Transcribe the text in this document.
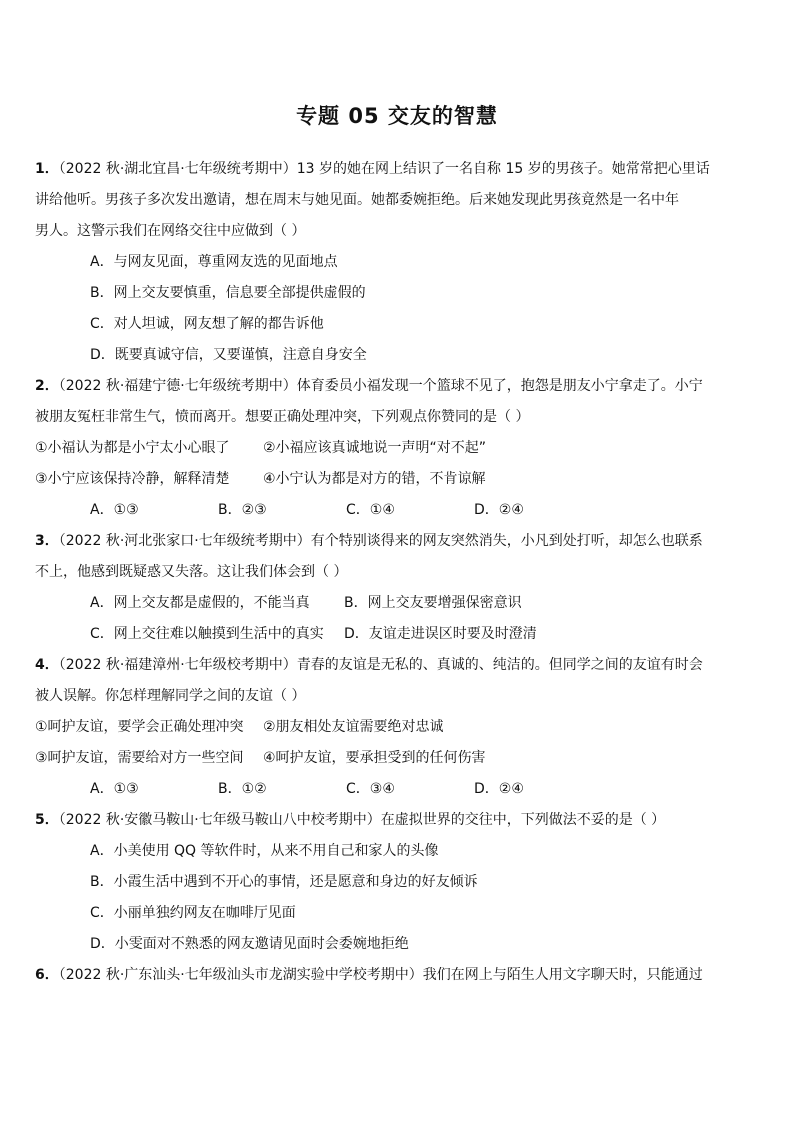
专题 05 交友的智慧
1．（2022 秋·湖北宜昌·七年级统考期中）13 岁的她在网上结识了一名自称 15 岁的男孩子。她常常把心里话
讲给他听。男孩子多次发出邀请，想在周末与她见面。她都委婉拒绝。后来她发现此男孩竟然是一名中年
男人。这警示我们在网络交往中应做到（ ）
A．与网友见面，尊重网友选的见面地点
B．网上交友要慎重，信息要全部提供虚假的
C．对人坦诚，网友想了解的都告诉他
D．既要真诚守信，又要谨慎，注意自身安全
2．（2022 秋·福建宁德·七年级统考期中）体育委员小福发现一个篮球不见了，抱怨是朋友小宁拿走了。小宁
被朋友冤枉非常生气，愤而离开。想要正确处理冲突，下列观点你赞同的是（ ）
①小福认为都是小宁太小心眼了	②小福应该真诚地说一声明“对不起”
③小宁应该保持冷静，解释清楚	④小宁认为都是对方的错，不肯谅解
A．①③	B．②③	C．①④	D．②④
3．（2022 秋·河北张家口·七年级统考期中）有个特别谈得来的网友突然消失，小凡到处打听，却怎么也联系
不上，他感到既疑惑又失落。这让我们体会到（ ）
A．网上交友都是虚假的，不能当真	B．网上交友要增强保密意识
C．网上交往难以触摸到生活中的真实	D．友谊走进误区时要及时澄清
4．（2022 秋·福建漳州·七年级校考期中）青春的友谊是无私的、真诚的、纯洁的。但同学之间的友谊有时会
被人误解。你怎样理解同学之间的友谊（ ）
①呵护友谊，要学会正确处理冲突	②朋友相处友谊需要绝对忠诚
③呵护友谊，需要给对方一些空间	④呵护友谊，要承担受到的任何伤害
A．①③	B．①②	C．③④	D．②④
5．（2022 秋·安徽马鞍山·七年级马鞍山八中校考期中）在虚拟世界的交往中，下列做法不妥的是（ ）
A．小美使用 QQ 等软件时，从来不用自己和家人的头像
B．小霞生活中遇到不开心的事情，还是愿意和身边的好友倾诉
C．小丽单独约网友在咖啡厅见面
D．小雯面对不熟悉的网友邀请见面时会委婉地拒绝
6．（2022 秋·广东汕头·七年级汕头市龙湖实验中学校考期中）我们在网上与陌生人用文字聊天时，只能通过
